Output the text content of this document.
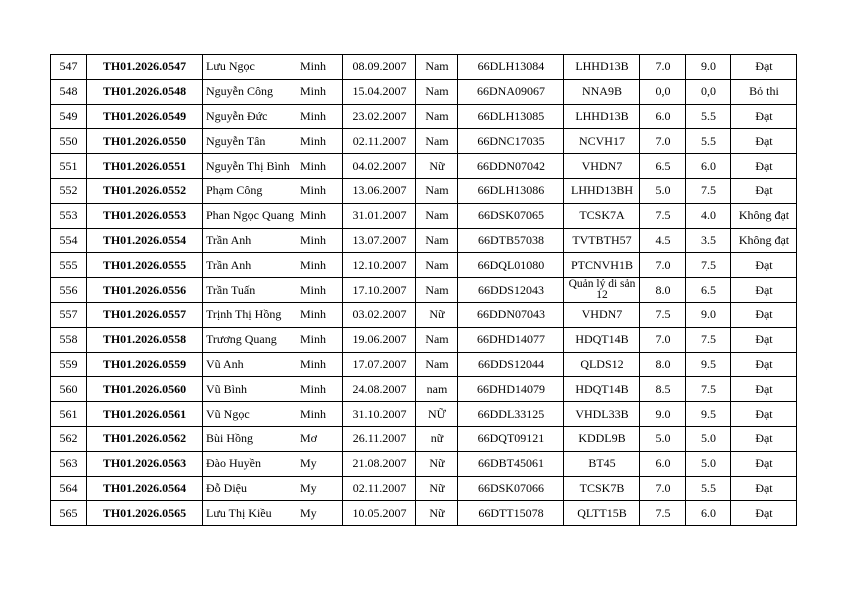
547	TH01.2026.0547	Lưu Ngọc	Minh	08.09.2007	Nam	66DLH13084	LHHD13B	7.0	9.0	Đạt
548	TH01.2026.0548	Nguyễn Công	Minh	15.04.2007	Nam	66DNA09067	NNA9B	0,0	0,0	Bỏ thi
549	TH01.2026.0549	Nguyễn Đức	Minh	23.02.2007	Nam	66DLH13085	LHHD13B	6.0	5.5	Đạt
550	TH01.2026.0550	Nguyễn Tân	Minh	02.11.2007	Nam	66DNC17035	NCVH17	7.0	5.5	Đạt
551	TH01.2026.0551	Nguyễn Thị Bình	Minh	04.02.2007	Nữ	66DDN07042	VHDN7	6.5	6.0	Đạt
552	TH01.2026.0552	Phạm Công	Minh	13.06.2007	Nam	66DLH13086	LHHD13BH	5.0	7.5	Đạt
553	TH01.2026.0553	Phan Ngọc Quang	Minh	31.01.2007	Nam	66DSK07065	TCSK7A	7.5	4.0	Không đạt
554	TH01.2026.0554	Trần Anh	Minh	13.07.2007	Nam	66DTB57038	TVTBTH57	4.5	3.5	Không đạt
555	TH01.2026.0555	Trần Anh	Minh	12.10.2007	Nam	66DQL01080	PTCNVH1B	7.0	7.5	Đạt
556	TH01.2026.0556	Trần Tuấn	Minh	17.10.2007	Nam	66DDS12043	Quản lý di sản 12	8.0	6.5	Đạt
557	TH01.2026.0557	Trịnh Thị Hồng	Minh	03.02.2007	Nữ	66DDN07043	VHDN7	7.5	9.0	Đạt
558	TH01.2026.0558	Trương Quang	Minh	19.06.2007	Nam	66DHD14077	HDQT14B	7.0	7.5	Đạt
559	TH01.2026.0559	Vũ Anh	Minh	17.07.2007	Nam	66DDS12044	QLDS12	8.0	9.5	Đạt
560	TH01.2026.0560	Vũ Bình	Minh	24.08.2007	nam	66DHD14079	HDQT14B	8.5	7.5	Đạt
561	TH01.2026.0561	Vũ Ngọc	Minh	31.10.2007	NỮ	66DDL33125	VHDL33B	9.0	9.5	Đạt
562	TH01.2026.0562	Bùi Hồng	Mơ	26.11.2007	nữ	66DQT09121	KDDL9B	5.0	5.0	Đạt
563	TH01.2026.0563	Đào Huyền	My	21.08.2007	Nữ	66DBT45061	BT45	6.0	5.0	Đạt
564	TH01.2026.0564	Đỗ Diệu	My	02.11.2007	Nữ	66DSK07066	TCSK7B	7.0	5.5	Đạt
565	TH01.2026.0565	Lưu Thị Kiều	My	10.05.2007	Nữ	66DTT15078	QLTT15B	7.5	6.0	Đạt
